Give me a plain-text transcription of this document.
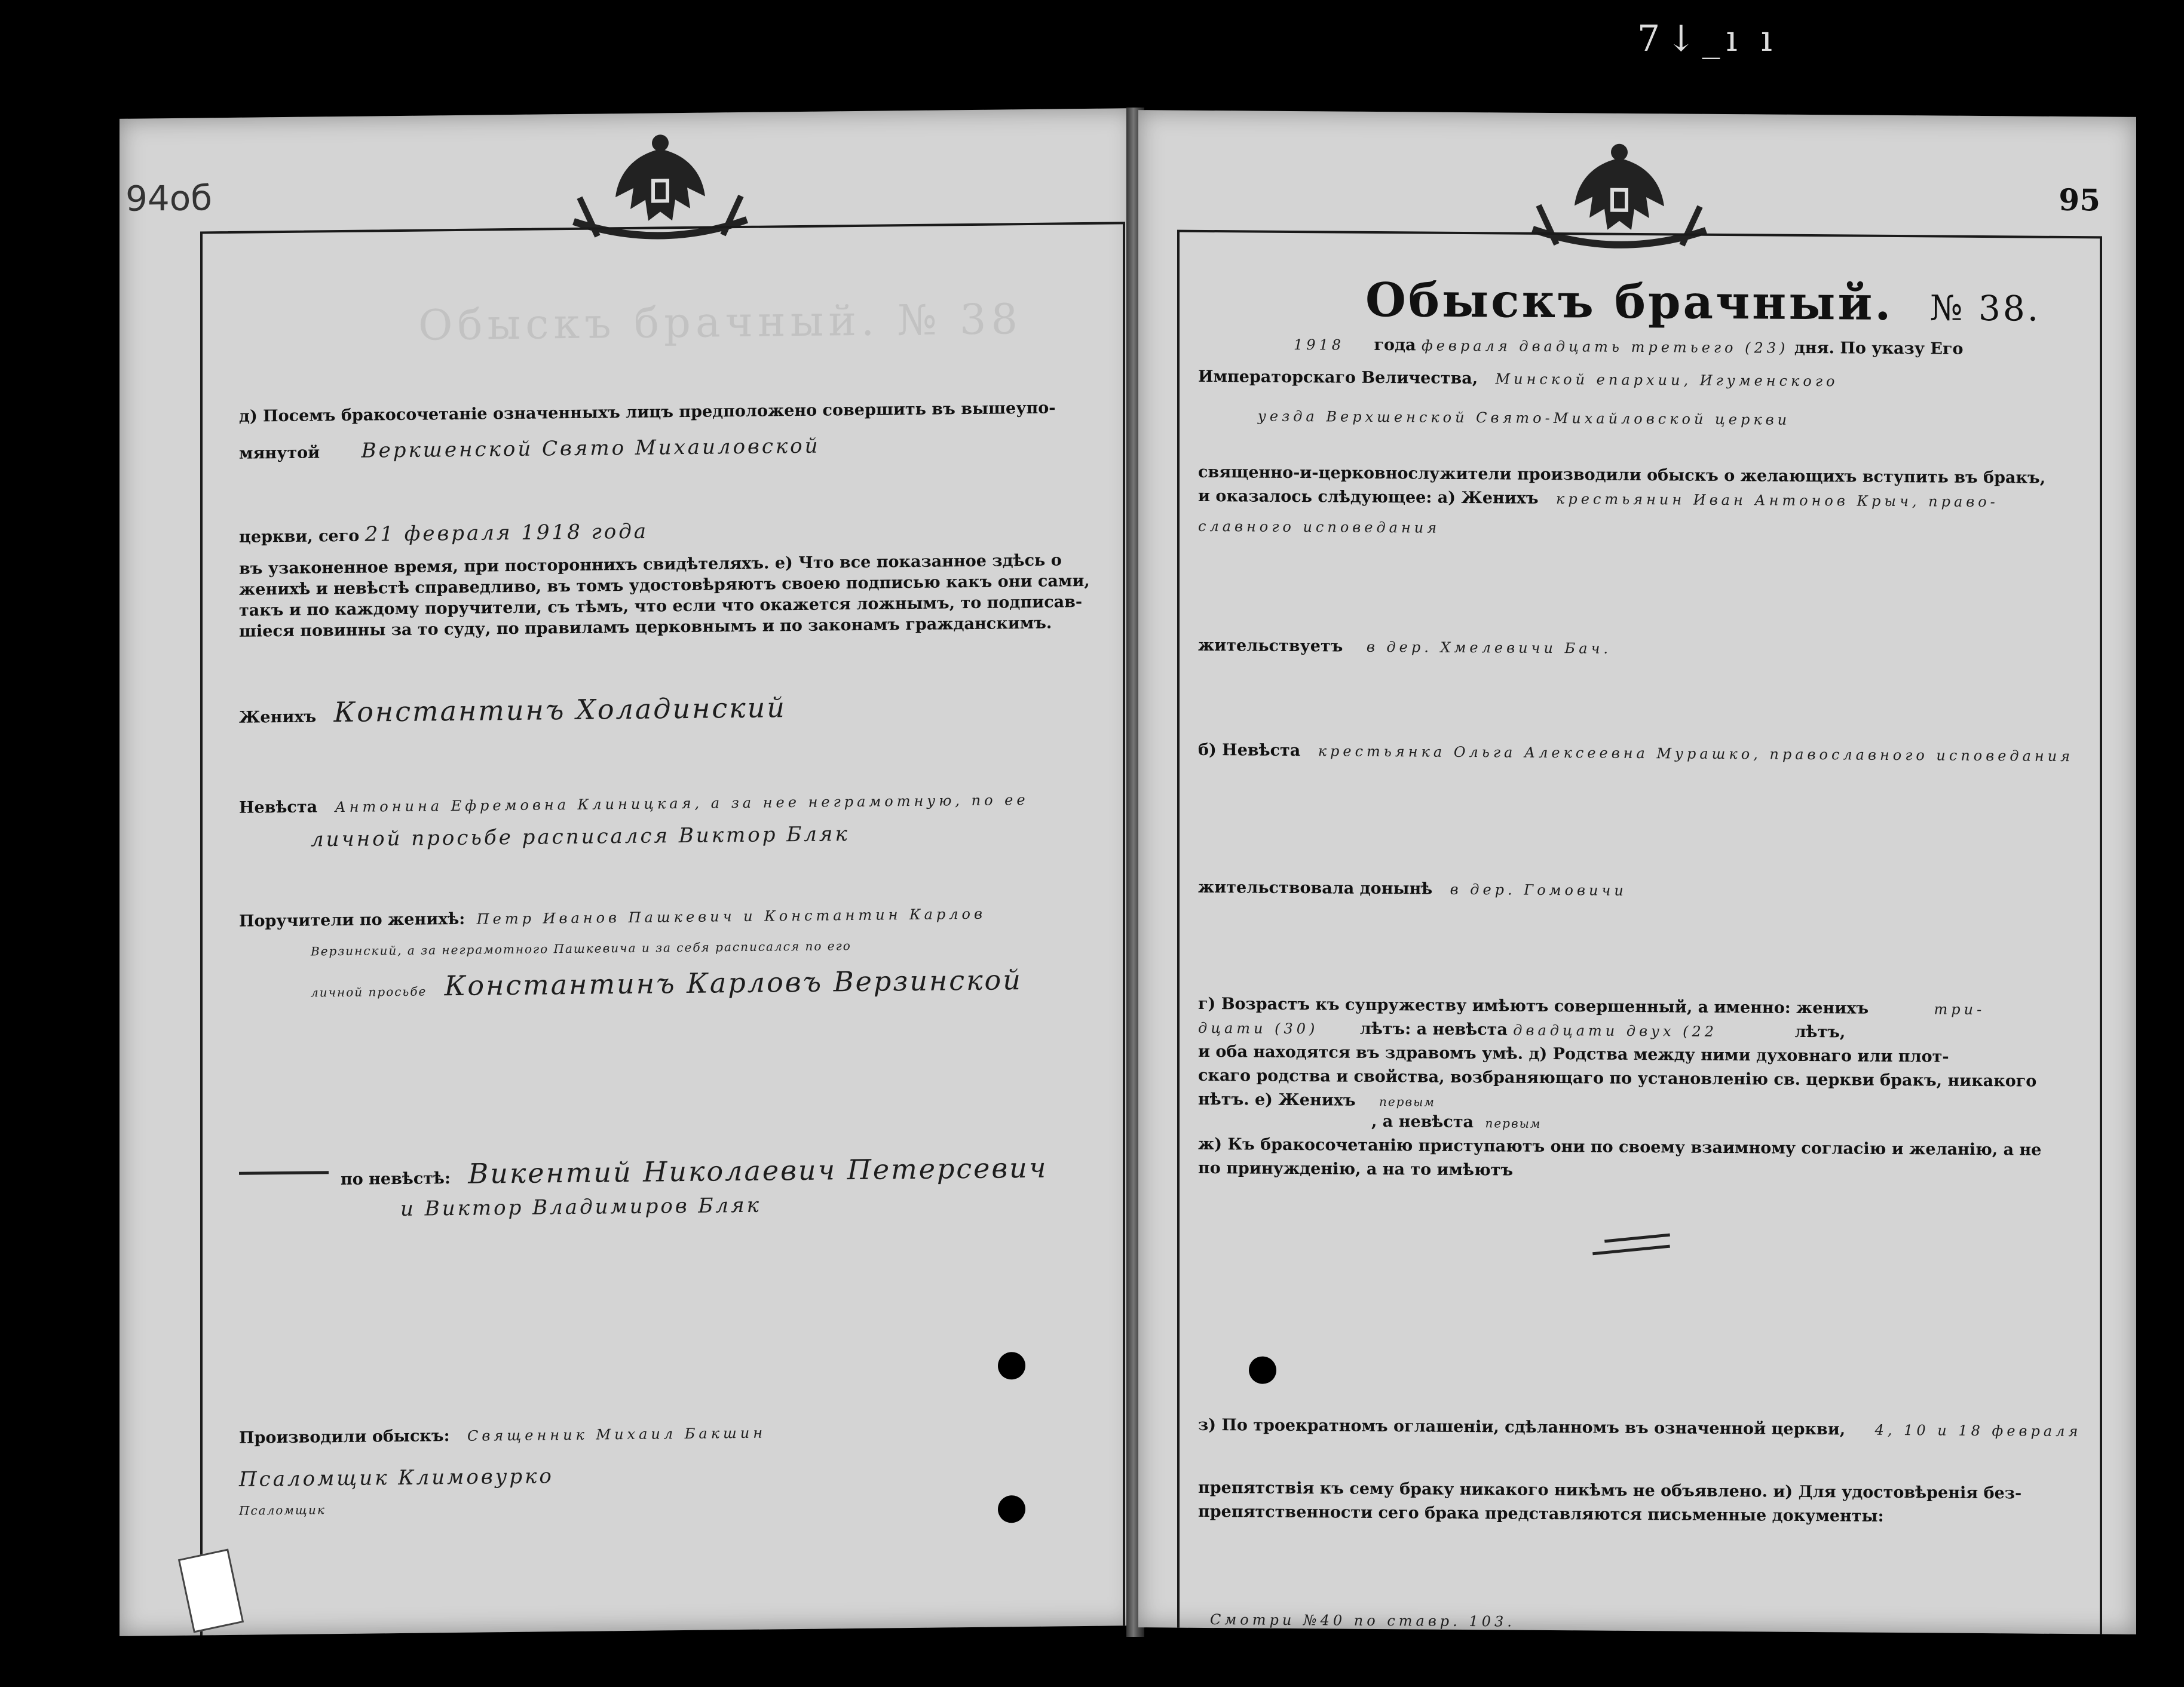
7↓_ı ı
94об
Обыскъ брачный. № 38
д) Посемъ бракосочетаніе означенныхъ лицъ предположено совершить въ вышеупо-
мянутой Веркшенской Свято Михаиловской
церкви, сего 21 февраля 1918 года
въ узаконенное время, при постороннихъ свидѣтеляхъ. е) Что все показанное здѣсь о
женихѣ и невѣстѣ справедливо, въ томъ удостовѣряютъ своею подписью какъ они сами,
такъ и по каждому поручители, съ тѣмъ, что если что окажется ложнымъ, то подписав-
шіеся повинны за то суду, по правиламъ церковнымъ и по законамъ гражданскимъ.
Женихъ Константинъ Холадинский
Невѣста Антонина Ефремовна Клиницкая, а за нее неграмотную, по ее
личной просьбе расписался Виктор Бляк
Поручители по женихѣ: Петр Иванов Пашкевич и Константин Карлов
Верзинский, а за неграмотного Пашкевича и за себя расписался по его
личной просьбе Константинъ Карловъ Верзинской
по невѣстѣ: Викентий Николаевич Петерсевич
и Виктор Владимиров Бляк
Производили обыскъ: Священник Михаил Бакшин
Псаломщик Климовурко
Псаломщик
95
Обыскъ брачный. № 38.
1918 года февраля двадцать третьего (23) дня. По указу Его
Императорскаго Величества, Минской епархии, Игуменского
уезда Верхшенской Свято-Михайловской церкви
священно-и-церковнослужители производили обыскъ о желающихъ вступить въ бракъ,
и оказалось слѣдующее: а) Женихъ крестьянин Иван Антонов Крыч, право-
славного исповедания
жительствуетъ в дер. Хмелевичи Бач.
б) Невѣста крестьянка Ольга Алексеевна Мурашко, православного исповедания
жительствовала донынѣ в дер. Гомовичи
г) Возрастъ къ супружеству имѣютъ совершенный, а именно: женихъ	три-
дцати (30)	лѣтъ: а невѣста двадцати двух (22	лѣтъ,
и оба находятся въ здравомъ умѣ. д) Родства между ними духовнаго или плот-
скаго родства и свойства, возбраняющаго по установленію св. церкви бракъ, никакого
нѣтъ. е) Женихъ первым
, а невѣста первым
ж) Къ бракосочетанію приступаютъ они по своему взаимному согласію и желанію, а не
по принужденію, а на то имѣютъ
з) По троекратномъ оглашеніи, сдѣланномъ въ означенной церкви, 4, 10 и 18 февраля
препятствія къ сему браку никакого никѣмъ не объявлено. и) Для удостовѣренія без-
препятственности сего брака представляются письменные документы:
Смотри №40 по ставр. 103.
